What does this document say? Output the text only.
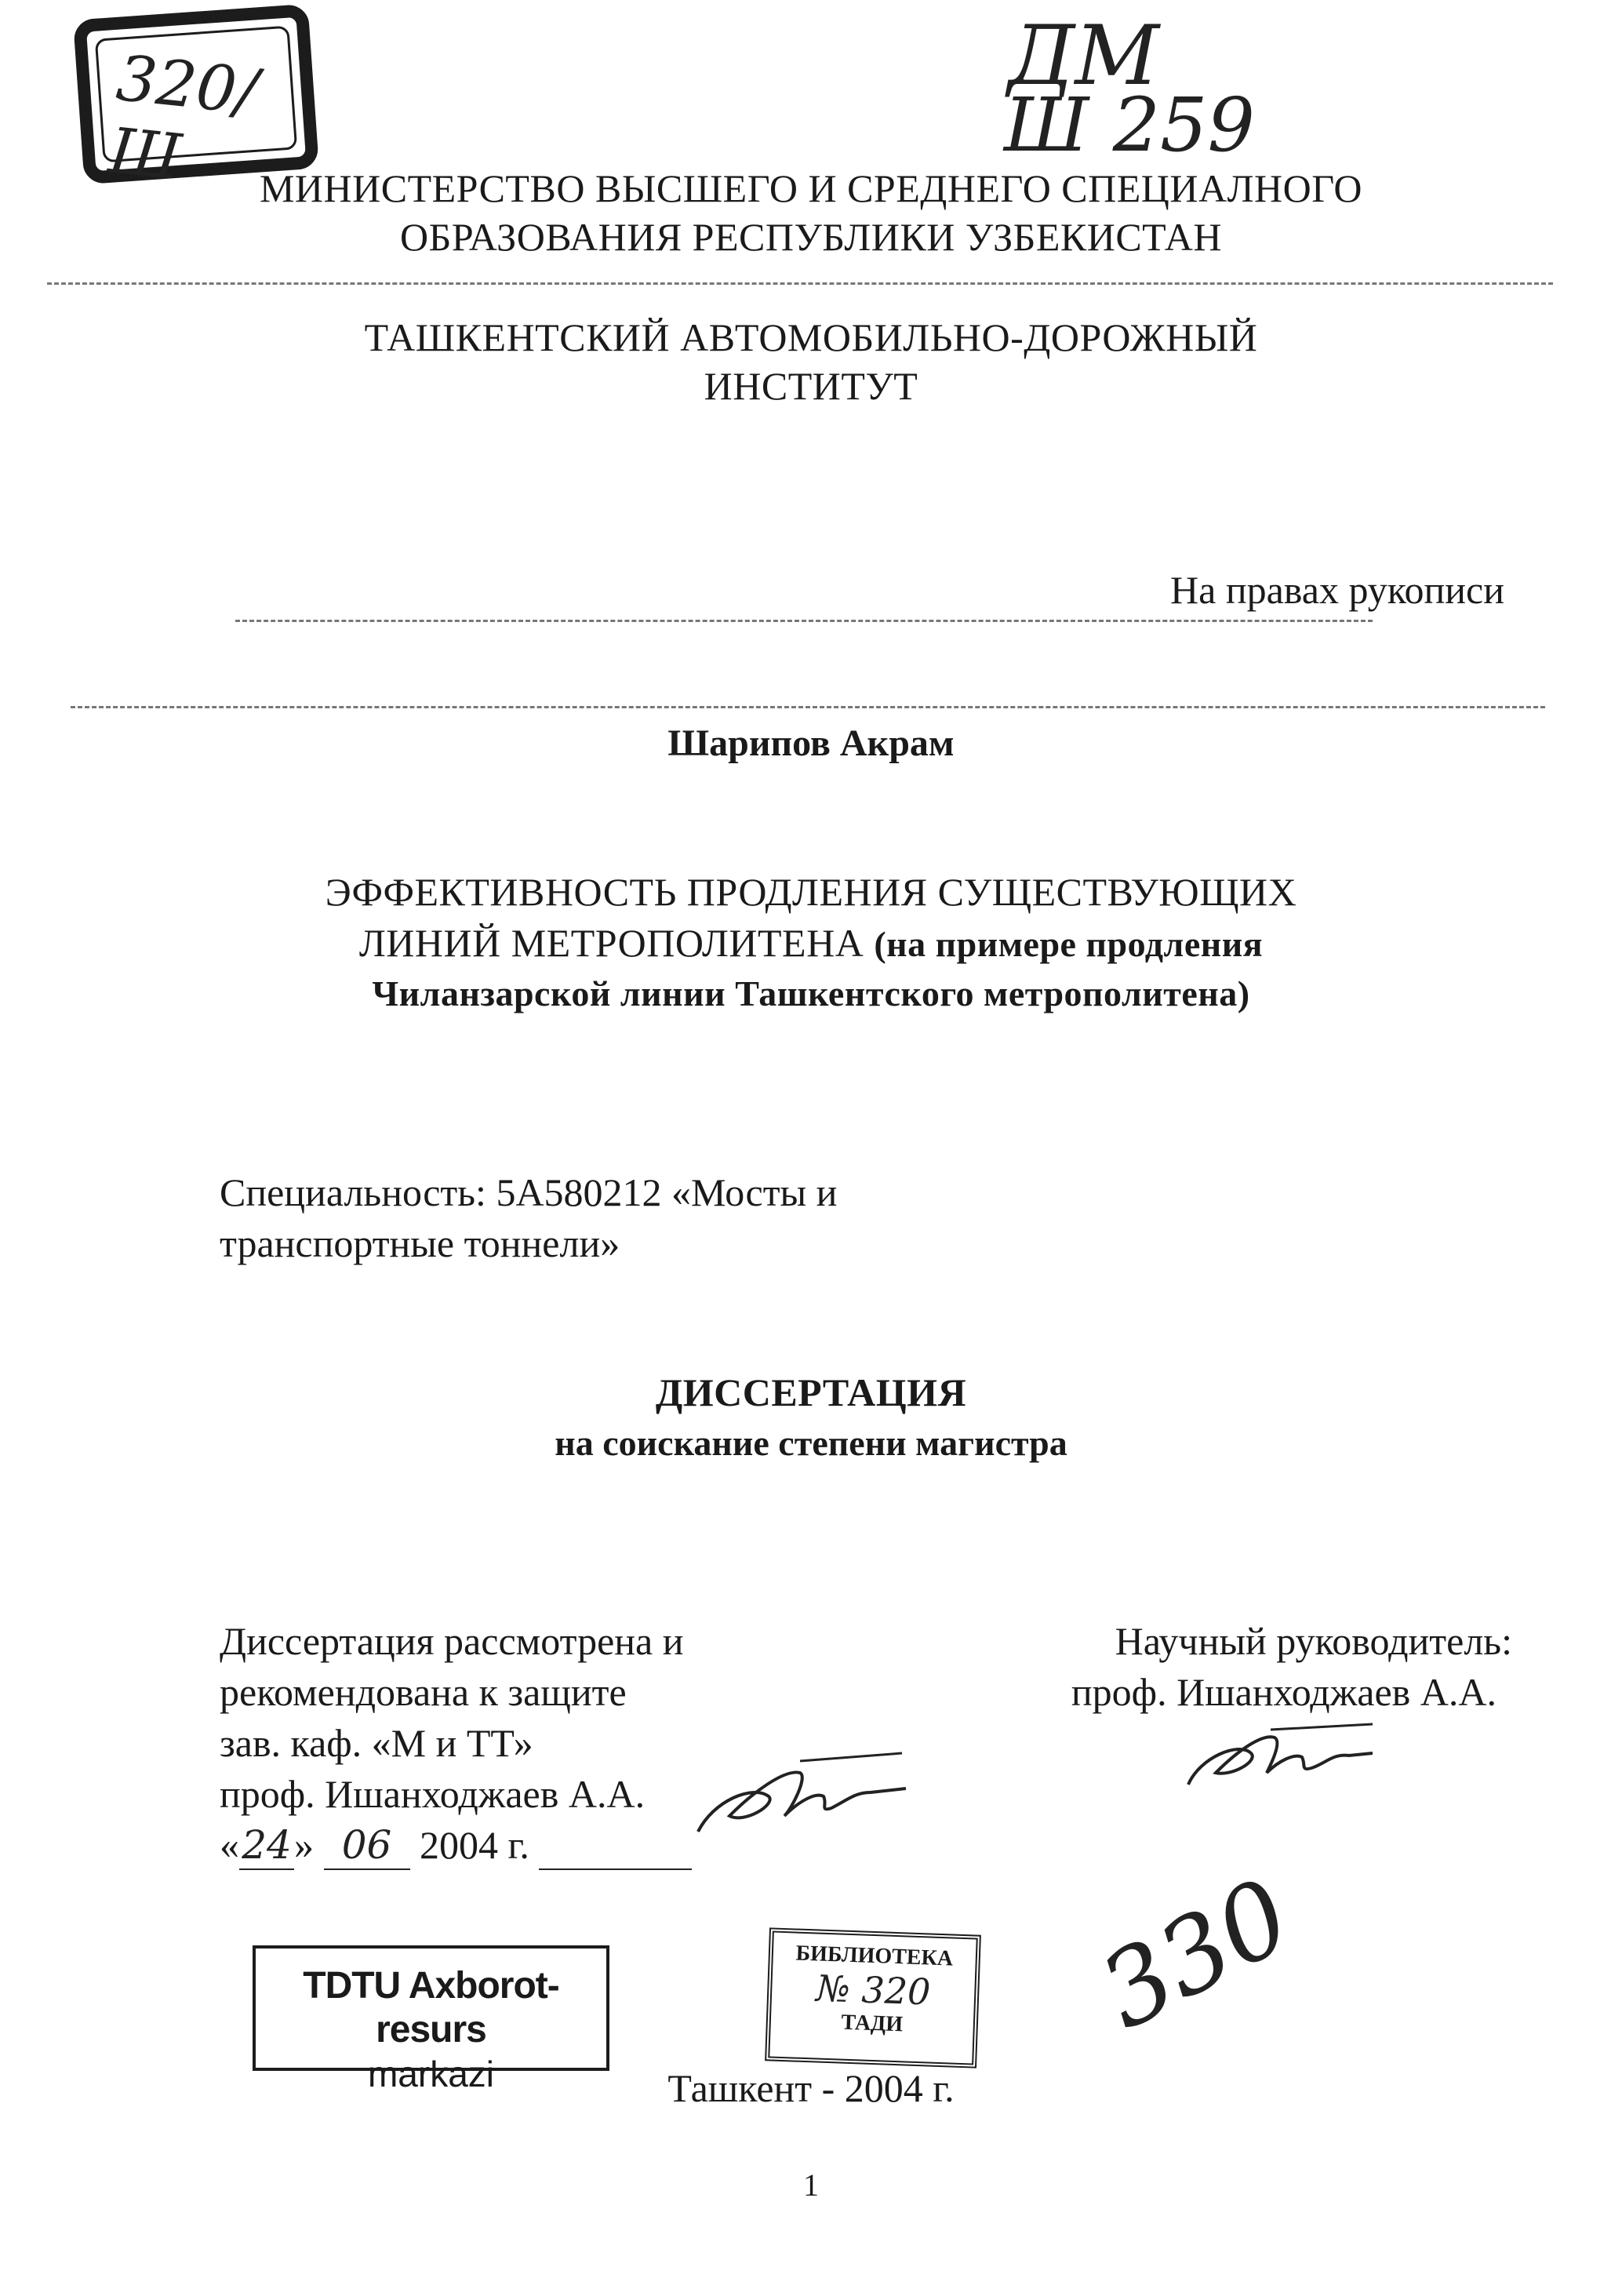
320/Ш
ДМ
Ш 259
МИНИСТЕРСТВО ВЫСШЕГО И СРЕДНЕГО СПЕЦИАЛНОГО
ОБРАЗОВАНИЯ РЕСПУБЛИКИ УЗБЕКИСТАН
ТАШКЕНТСКИЙ АВТОМОБИЛЬНО-ДОРОЖНЫЙ
ИНСТИТУТ
На правах рукописи
Шарипов Акрам
ЭФФЕКТИВНОСТЬ ПРОДЛЕНИЯ СУЩЕСТВУЮЩИХ
ЛИНИЙ МЕТРОПОЛИТЕНА (на примере продления
Чиланзарской линии Ташкентского метрополитена)
Специальность: 5А580212 «Мосты и
транспортные тоннели»
ДИССЕРТАЦИЯ
на соискание степени магистра
Диссертация рассмотрена и
рекомендована к защите
зав. каф. «М и ТТ»
проф. Ишанходжаев А.А.
«24» 06 2004 г.
Научный руководитель:
проф. Ишанходжаев А.А.
TDTU Axborot-resurs
markazi
БИБЛИОТЕКА
№ 320
ТАДИ	330
Ташкент - 2004 г.
1
